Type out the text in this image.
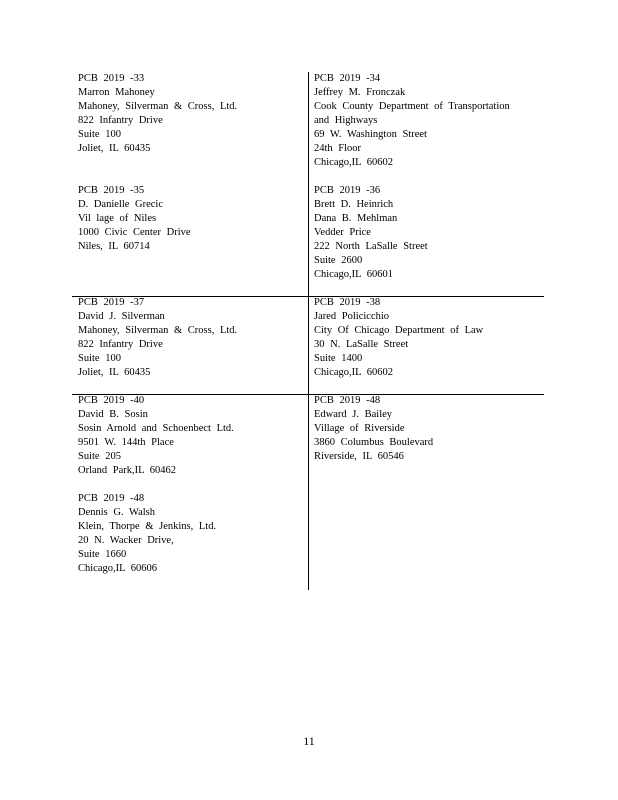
PCB 2019 -33
Marron Mahoney
Mahoney, Silverman & Cross, Ltd.
822 Infantry Drive
Suite 100
Joliet, IL 60435
PCB 2019 -34
Jeffrey M. Fronczak
Cook County Department of Transportation
and Highways
69 W. Washington Street
24th Floor
Chicago,IL 60602
PCB 2019 -35
D. Danielle Grecic
Vil lage of Niles
1000 Civic Center Drive
Niles, IL 60714
PCB 2019 -36
Brett D. Heinrich
Dana B. Mehlman
Vedder Price
222 North LaSalle Street
Suite 2600
Chicago,IL 60601
PCB 2019 -37
David J. Silverman
Mahoney, Silverman & Cross, Ltd.
822 Infantry Drive
Suite 100
Joliet, IL 60435
PCB 2019 -38
Jared Policicchio
City Of Chicago Department of Law
30 N. LaSalle Street
Suite 1400
Chicago,IL 60602
PCB 2019 -40
David B. Sosin
Sosin Arnold and Schoenbect Ltd.
9501 W. 144th Place
Suite 205
Orland Park,IL 60462
PCB 2019 -48
Edward J. Bailey
Village of Riverside
3860 Columbus Boulevard
Riverside, IL 60546
PCB 2019 -48
Dennis G. Walsh
Klein, Thorpe & Jenkins, Ltd.
20 N. Wacker Drive,
Suite 1660
Chicago,IL 60606
11
